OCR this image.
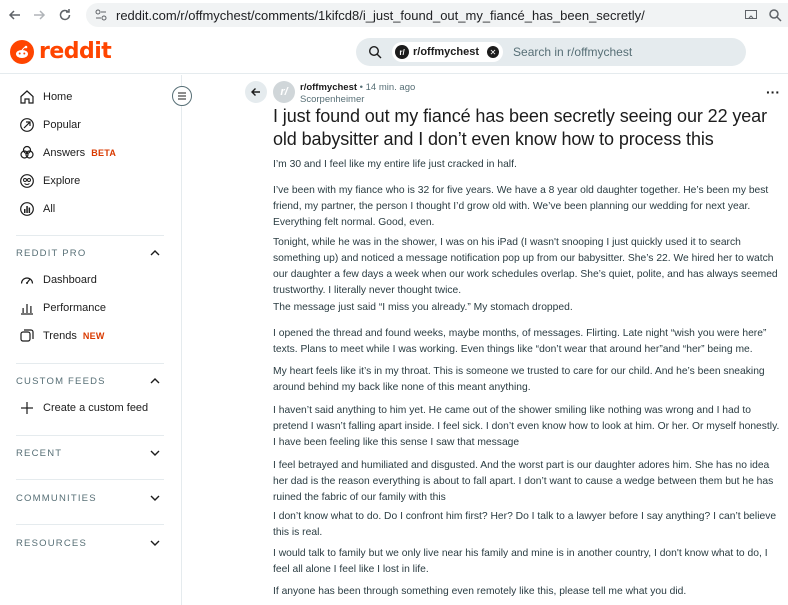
reddit.com/r/offmychest/comments/1kifcd8/i_just_found_out_my_fiancé_has_been_secretly/
reddit	r/ r/offmychest	✕ Search in r/offmychest
Home
Popular
Answers BETA
Explore
All
REDDIT PRO
Dashboard
Performance
Trends NEW
CUSTOM FEEDS
Create a custom feed
RECENT
COMMUNITIES
RESOURCES
r/	r/offmychest • 14 min. ago
Scorpenheimer	···
I just found out my fiancé has been secretly seeing our 22 year old babysitter and I don’t even know how to process this

I’m 30 and I feel like my entire life just cracked in half.

I’ve been with my fiance who is 32 for five years. We have a 8 year old daughter together. He’s been my best friend, my partner, the person I thought I’d grow old with. We’ve been planning our wedding for next year. Everything felt normal. Good, even.

Tonight, while he was in the shower, I was on his iPad (I wasn't snooping I just quickly used it to search something up) and noticed a message notification pop up from our babysitter. She’s 22. We hired her to watch our daughter a few days a week when our work schedules overlap. She’s quiet, polite, and has always seemed trustworthy. I literally never thought twice.

The message just said “I miss you already.” My stomach dropped.

I opened the thread and found weeks, maybe months, of messages. Flirting. Late night “wish you were here” texts. Plans to meet while I was working. Even things like “don’t wear that around her”and “her” being me.

My heart feels like it’s in my throat. This is someone we trusted to care for our child. And he’s been sneaking around behind my back like none of this meant anything.

I haven’t said anything to him yet. He came out of the shower smiling like nothing was wrong and I had to pretend I wasn’t falling apart inside. I feel sick. I don’t even know how to look at him. Or her. Or myself honestly. I have been feeling like this sense I saw that message

I feel betrayed and humiliated and disgusted. And the worst part is our daughter adores him. She has no idea her dad is the reason everything is about to fall apart. I don’t want to cause a wedge between them but he has ruined the fabric of our family with this

I don’t know what to do. Do I confront him first? Her? Do I talk to a lawyer before I say anything? I can’t believe this is real.

I would talk to family but we only live near his family and mine is in another country, I don't know what to do, I feel all alone I feel like I lost in life.

If anyone has been through something even remotely like this, please tell me what you did.
